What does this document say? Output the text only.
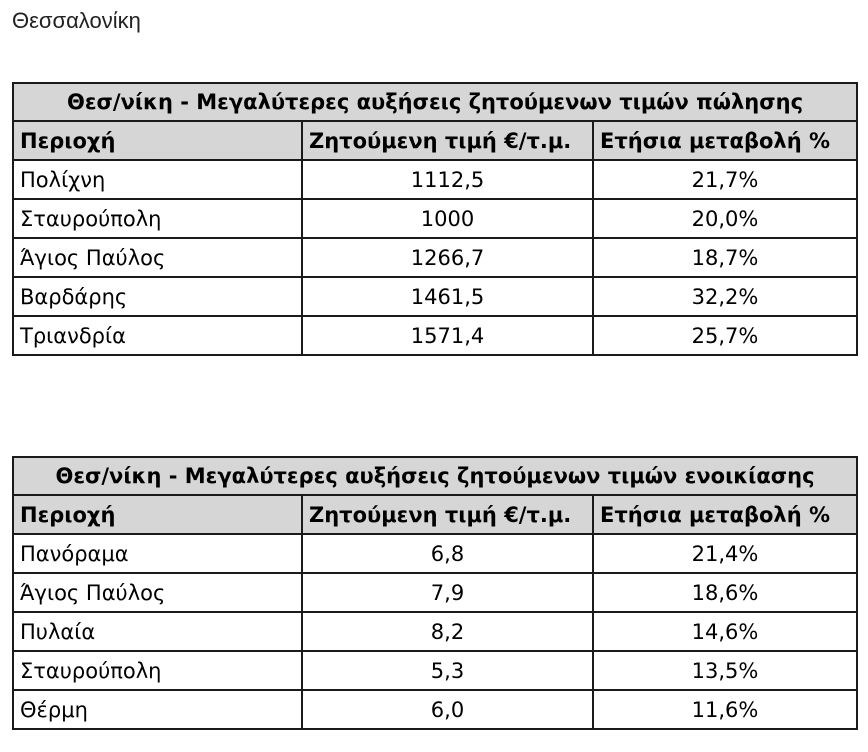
Θεσσαλονίκη
Θεσ/νίκη - Μεγαλύτερες αυξήσεις ζητούμενων τιμών πώλησης		
Περιοχή	Ζητούμενη τιμή €/τ.μ.	Ετήσια μεταβολή %
Πολίχνη	1112,5	21,7%
Σταυρούπολη	1000	20,0%
Άγιος Παύλος	1266,7	18,7%
Βαρδάρης	1461,5	32,2%
Τριανδρία	1571,4	25,7%
Θεσ/νίκη - Μεγαλύτερες αυξήσεις ζητούμενων τιμών ενοικίασης		
Περιοχή	Ζητούμενη τιμή €/τ.μ.	Ετήσια μεταβολή %
Πανόραμα	6,8	21,4%
Άγιος Παύλος	7,9	18,6%
Πυλαία	8,2	14,6%
Σταυρούπολη	5,3	13,5%
Θέρμη	6,0	11,6%
